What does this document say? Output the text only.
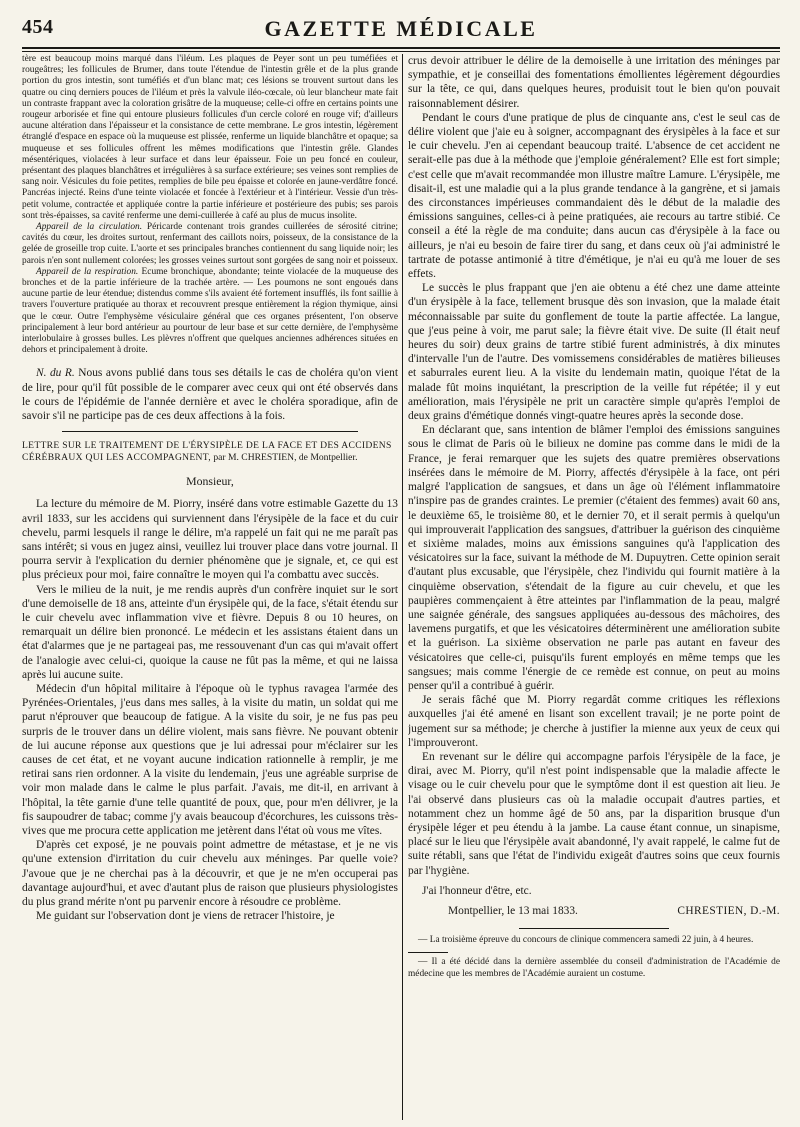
454	GAZETTE MÉDICALE

tère est beaucoup moins marqué dans l'iléum. Les plaques de Peyer sont un peu tuméfiées et rougeâtres; les follicules de Brumer, dans toute l'étendue de l'intestin grêle et de la plus grande portion du gros intestin, sont tuméfiés et d'un blanc mat; ces lésions se trouvent surtout dans les quatre ou cinq derniers pouces de l'iléum et près la valvule iléo-cœcale, où leur blancheur mate fait un contraste frappant avec la coloration grisâtre de la muqueuse; celle-ci offre en certains points une rougeur arborisée et fine qui entoure plusieurs follicules d'un cercle coloré en rouge vif; d'ailleurs aucune altération dans l'épaisseur et la consistance de cette membrane. Le gros intestin, légèrement étranglé d'espace en espace où la muqueuse est plissée, renferme un liquide blanchâtre et opaque; sa muqueuse et ses follicules offrent les mêmes modifications que l'intestin grêle. Glandes mésentériques, violacées à leur surface et dans leur épaisseur. Foie un peu foncé en couleur, présentant des plaques blanchâtres et irrégulières à sa surface extérieure; ses veines sont remplies de sang noir. Vésicules du foie petites, remplies de bile peu épaisse et colorée en jaune-verdâtre foncé. Pancréas injecté. Reins d'une teinte violacée et foncée à l'extérieur et à l'intérieur. Vessie d'un très-petit volume, contractée et appliquée contre la partie inférieure et postérieure des pubis; ses parois sont très-épaisses, sa cavité renferme une demi-cuillerée à café au plus de mucus insolite.

Appareil de la circulation. Péricarde contenant trois grandes cuillerées de sérosité citrine; cavités du cœur, les droites surtout, renfermant des caillots noirs, poisseux, de la consistance de la gelée de groseille trop cuite. L'aorte et ses principales branches contiennent du sang liquide noir; les parois n'en sont nullement colorées; les grosses veines surtout sont gorgées de sang noir et poisseux.

Appareil de la respiration. Ecume bronchique, abondante; teinte violacée de la muqueuse des bronches et de la partie inférieure de la trachée artère. — Les poumons ne sont engoués dans aucune partie de leur étendue; distendus comme s'ils avaient été fortement insufflés, ils font saillie à travers l'ouverture pratiquée au thorax et recouvrent presque entièrement la région thymique, ainsi que le cœur. Outre l'emphysème vésiculaire général que ces organes présentent, l'on observe principalement à leur bord antérieur au pourtour de leur base et sur cette dernière, de l'emphysème interlobulaire à grosses bulles. Les plèvres n'offrent que quelques anciennes adhérences situées en dehors et principalement à droite.

N. du R. Nous avons publié dans tous ses détails le cas de choléra qu'on vient de lire, pour qu'il fût possible de le comparer avec ceux qui ont été observés dans le cours de l'épidémie de l'année dernière et avec le choléra sporadique, afin de savoir s'il ne participe pas de ces deux affections à la fois.

LETTRE SUR LE TRAITEMENT DE L'ÉRYSIPÈLE DE LA FACE ET DES ACCIDENS CÉRÉBRAUX QUI LES ACCOMPAGNENT, par M. CHRESTIEN, de Montpellier.

Monsieur,

La lecture du mémoire de M. Piorry, inséré dans votre estimable Gazette du 13 avril 1833, sur les accidens qui surviennent dans l'érysipèle de la face et du cuir chevelu, parmi lesquels il range le délire, m'a rappelé un fait qui ne me paraît pas sans intérêt; si vous en jugez ainsi, veuillez lui trouver place dans votre journal. Il pourra servir à l'explication du dernier phénomène que je signale, et, ce qui est plus précieux pour moi, faire connaître le moyen qui l'a combattu avec succès.

Vers le milieu de la nuit, je me rendis auprès d'un confrère inquiet sur le sort d'une demoiselle de 18 ans, atteinte d'un érysipèle qui, de la face, s'était étendu sur le cuir chevelu avec inflammation vive et fièvre. Depuis 8 ou 10 heures, on remarquait un délire bien prononcé. Le médecin et les assistans étaient dans un état d'alarmes que je ne partageai pas, me ressouvenant d'un cas qui m'avait offert de l'analogie avec celui-ci, quoique la cause ne fût pas la même, et qui ne laissa après lui aucune suite.

Médecin d'un hôpital militaire à l'époque où le typhus ravagea l'armée des Pyrénées-Orientales, j'eus dans mes salles, à la visite du matin, un soldat qui me parut n'éprouver que beaucoup de fatigue. A la visite du soir, je ne fus pas peu surpris de le trouver dans un délire violent, mais sans fièvre. Ne pouvant obtenir de lui aucune réponse aux questions que je lui adressai pour m'éclairer sur les causes de cet état, et ne voyant aucune indication rationnelle à remplir, je me retirai sans rien ordonner. A la visite du lendemain, j'eus une agréable surprise de voir mon malade dans le calme le plus parfait. J'avais, me dit-il, en arrivant à l'hôpital, la tête garnie d'une telle quantité de poux, que, pour m'en délivrer, je la fis saupoudrer de tabac; comme j'y avais beaucoup d'écorchures, les cuissons très-vives que me procura cette application me jetèrent dans l'état où vous me vîtes.

D'après cet exposé, je ne pouvais point admettre de métastase, et je ne vis qu'une extension d'irritation du cuir chevelu aux méninges. Par quelle voie? J'avoue que je ne cherchai pas à la découvrir, et que je ne m'en occuperai pas davantage aujourd'hui, et avec d'autant plus de raison que plusieurs physiologistes du plus grand mérite n'ont pu parvenir encore à résoudre ce problème.

Me guidant sur l'observation dont je viens de retracer l'histoire, je

crus devoir attribuer le délire de la demoiselle à une irritation des méninges par sympathie, et je conseillai des fomentations émollientes légèrement dégourdies sur la tête, ce qui, dans quelques heures, produisit tout le bien qu'on pouvait raisonnablement désirer.

Pendant le cours d'une pratique de plus de cinquante ans, c'est le seul cas de délire violent que j'aie eu à soigner, accompagnant des érysipèles à la face et sur le cuir chevelu. J'en ai cependant beaucoup traité. L'absence de cet accident ne serait-elle pas due à la méthode que j'emploie généralement? Elle est fort simple; c'est celle que m'avait recommandée mon illustre maître Lamure. L'érysipèle, me disait-il, est une maladie qui a la plus grande tendance à la gangrène, et si jamais des circonstances impérieuses commandaient dès le début de la maladie des émissions sanguines, celles-ci à peine pratiquées, aie recours au tartre stibié. Ce conseil a été la règle de ma conduite; dans aucun cas d'érysipèle à la face ou ailleurs, je n'ai eu besoin de faire tirer du sang, et dans ceux où j'ai administré le tartrate de potasse antimonié à titre d'émétique, je n'ai eu qu'à me louer de ses effets.

Le succès le plus frappant que j'en aie obtenu a été chez une dame atteinte d'un érysipèle à la face, tellement brusque dès son invasion, que la malade était méconnaissable par suite du gonflement de toute la partie affectée. La langue, que j'eus peine à voir, me parut sale; la fièvre était vive. De suite (Il était neuf heures du soir) deux grains de tartre stibié furent administrés, à dix minutes d'intervalle l'un de l'autre. Des vomissemens considérables de matières bilieuses et saburrales eurent lieu. A la visite du lendemain matin, quoique l'état de la malade fût moins inquiétant, la prescription de la veille fut répétée; il y eut amélioration, mais l'érysipèle ne prit un caractère simple qu'après l'emploi de deux grains d'émétique donnés vingt-quatre heures après la seconde dose.

En déclarant que, sans intention de blâmer l'emploi des émissions sanguines sous le climat de Paris où le bilieux ne domine pas comme dans le midi de la France, je ferai remarquer que les sujets des quatre premières observations insérées dans le mémoire de M. Piorry, affectés d'érysipèle à la face, ont péri malgré l'application de sangsues, et dans un âge où l'élément inflammatoire n'inspire pas de grandes craintes. Le premier (c'étaient des femmes) avait 60 ans, le deuxième 65, le troisième 80, et le dernier 70, et il serait permis à quelqu'un qui improuverait l'application des sangsues, d'attribuer la guérison des cinquième et sixième malades, moins aux émissions sanguines qu'à l'application des vésicatoires sur la face, suivant la méthode de M. Dupuytren. Cette opinion serait d'autant plus excusable, que l'érysipèle, chez l'individu qui fournit matière à la cinquième observation, s'étendait de la figure au cuir chevelu, et que les paupières commençaient à être atteintes par l'inflammation de la peau, malgré une saignée générale, des sangsues appliquées au-dessous des mâchoires, des lavemens purgatifs, et que les vésicatoires déterminèrent une amélioration subite et la guérison. La sixième observation ne parle pas autant en faveur des vésicatoires que celle-ci, puisqu'ils furent employés en même temps que les sangsues; mais comme l'énergie de ce remède est connue, on peut au moins penser qu'il a contribué à guérir.

Je serais fâché que M. Piorry regardât comme critiques les réflexions auxquelles j'ai été amené en lisant son excellent travail; je ne porte point de jugement sur sa méthode; je cherche à justifier la mienne aux yeux de ceux qui l'improuveront.

En revenant sur le délire qui accompagne parfois l'érysipèle de la face, je dirai, avec M. Piorry, qu'il n'est point indispensable que la maladie affecte le visage ou le cuir chevelu pour que le symptôme dont il est question ait lieu. Je l'ai observé dans plusieurs cas où la maladie occupait d'autres parties, et notamment chez un homme âgé de 50 ans, par la disparition brusque d'un érysipèle léger et peu étendu à la jambe. La cause étant connue, un sinapisme, placé sur le lieu que l'érysipèle avait abandonné, l'y avait rappelé, le calme fut de suite rétabli, sans que l'état de l'individu exigeât d'autres soins que ceux fournis par l'hygiène.

J'ai l'honneur d'être, etc.

Montpellier, le 13 mai 1833.	CHRESTIEN, D.-M.

— La troisième épreuve du concours de clinique commencera samedi 22 juin, à 4 heures.

— Il a été décidé dans la dernière assemblée du conseil d'administration de l'Académie de médecine que les membres de l'Académie auraient un costume.
